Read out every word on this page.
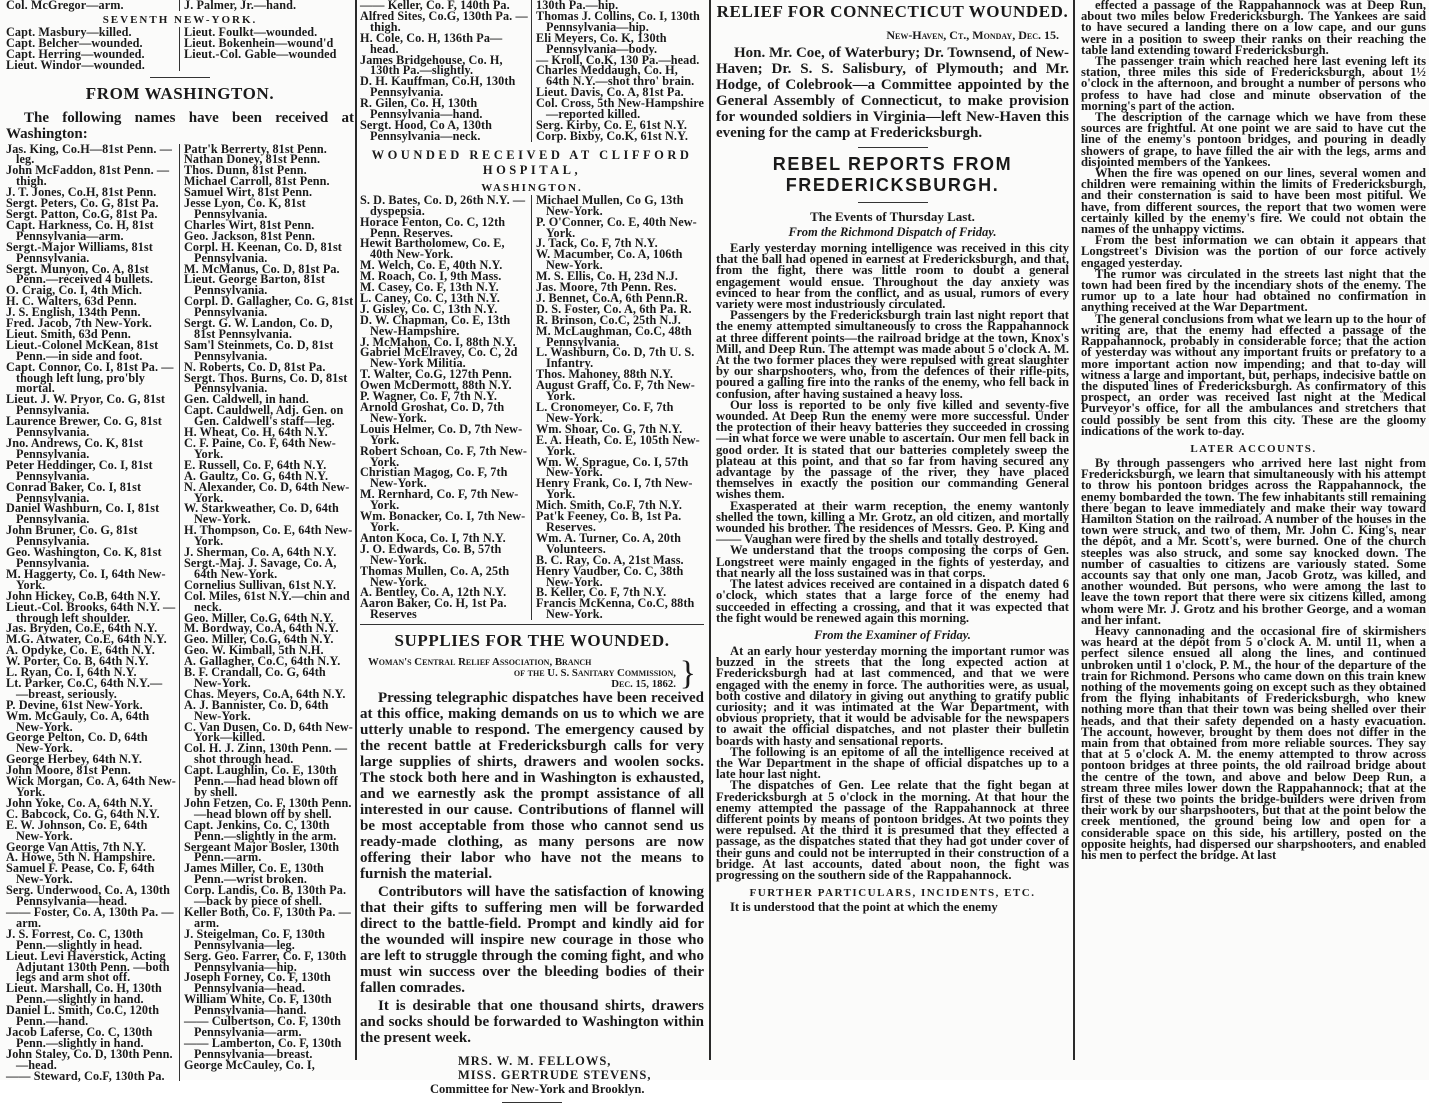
Col. McGregor—arm.	J. Palmer, Jr.—hand.
SEVENTH NEW-YORK.
Capt. Masbury—killed.
Capt. Belcher—wounded.
Capt. Herring—wounded.
Lieut. Windor—wounded.
Lieut. Foulkt—wounded.
Lieut. Bokenhein—wound'd
Lieut.-Col. Gable—wounded
FROM WASHINGTON.

The following names have been received at Washington:

Jas. King, Co.H—81st Penn. —leg.
John McFaddon, 81st Penn. —thigh.
J. T. Jones, Co.H, 81st Penn.
Sergt. Peters, Co. G, 81st Pa.
Sergt. Patton, Co.G, 81st Pa.
Capt. Harkness, Co. H, 81st Pennsylvania—arm.
Sergt.-Major Williams, 81st Pennsylvania.
Sergt. Munyon, Co. A, 81st Penn.—received 4 bullets.
O. Craig, Co. I, 4th Mich.
H. C. Walters, 63d Penn.
J. S. English, 134th Penn.
Fred. Jacob, 7th New-York.
Lieut. Smith, 63d Penn.
Lieut.-Colonel McKean, 81st Penn.—in side and foot.
Capt. Connor, Co. I, 81st Pa. —though left lung, pro'bly mortal.
Lieut. J. W. Pryor, Co. G, 81st Pennsylvania.
Laurence Brewer, Co. G, 81st Pennsylvania.
Jno. Andrews, Co. K, 81st Pennsylvania.
Peter Heddinger, Co. I, 81st Pennsylvania.
Conrad Baker, Co. I, 81st Pennsylvania.
Daniel Washburn, Co. I, 81st Pennsylvania.
John Bruner, Co. G, 81st Pennsylvania.
Geo. Washington, Co. K, 81st Pennsylvania.
M. Haggerty, Co. I, 64th New-York.
John Hickey, Co.B, 64th N.Y.
Lieut.-Col. Brooks, 64th N.Y. —through left shoulder.
Jas. Bryden, Co.E, 64th N.Y.
M.G. Atwater, Co.E, 64th N.Y.
A. Opdyke, Co. E, 64th N.Y.
W. Porter, Co. B, 64th N.Y.
L. Ryan, Co. I, 64th N.Y.
Lt. Parker, Co.C, 64th N.Y.— —breast, seriously.
P. Devine, 61st New-York.
Wm. McGauly, Co. A, 64th New-York.
George Pelton, Co. D, 64th New-York.
George Herbey, 64th N.Y.
John Moore, 81st Penn.
Wick Morgan, Co. A, 64th New-York.
John Yoke, Co. A, 64th N.Y.
C. Babcock, Co. G, 64th N.Y.
E. W. Johnson, Co. E, 64th New-York.
George Van Attis, 7th N.Y.
A. Howe, 5th N. Hampshire.
Samuel F. Pease, Co. F, 64th New-York.
Serg. Underwood, Co. A, 130th Pennsylvania—head.
—— Foster, Co. A, 130th Pa. —arm.
J. S. Forrest, Co. C, 130th Penn.—slightly in head.
Lieut. Levi Haverstick, Acting Adjutant 130th Penn. —both legs and arm shot off.
Lieut. Marshall, Co. H, 130th Penn.—slightly in hand.
Daniel L. Smith, Co.C, 120th Penn.—hand.
Jacob Laferse, Co. C, 130th Penn.—slightly in hand.
John Staley, Co. D, 130th Penn.—head.
—— Steward, Co.F, 130th Pa.
Patr'k Berrerty, 81st Penn.
Nathan Doney, 81st Penn.
Thos. Dunn, 81st Penn.
Michael Carroll, 81st Penn.
Samuel Wirt, 81st Penn.
Jesse Lyon, Co. K, 81st Pennsylvania.
Charles Wirt, 81st Penn.
Geo. Jackson, 81st Penn.
Corpl. H. Keenan, Co. D, 81st Pennsylvania.
M. McManus, Co. D, 81st Pa.
Lieut. George Barton, 81st Pennsylvania.
Corpl. D. Gallagher, Co. G, 81st Pennsylvania.
Sergt. G. W. Landon, Co. D, 81st Pennsylvania.
Sam'l Steinmets, Co. D, 81st Pennsylvania.
N. Roberts, Co. D, 81st Pa.
Sergt. Thos. Burns, Co. D, 81st Pennsylvania.
Gen. Caldwell, in hand.
Capt. Cauldwell, Adj. Gen. on Gen. Caldwell's staff—leg.
H. Wheat, Co. H, 64th N.Y.
C. F. Paine, Co. F, 64th New-York.
E. Russell, Co. F, 64th N.Y.
A. Gaultz, Co. G, 64th N.Y.
N. Alexander, Co. D, 64th New-York.
W. Starkweather, Co. D, 64th New-York.
H. Thompson, Co. E, 64th New-York.
J. Sherman, Co. A, 64th N.Y.
Sergt.-Maj. J. Savage, Co. A, 64th New-York.
Cornelius Sullivan, 61st N.Y.
Col. Miles, 61st N.Y.—chin and neck.
Geo. Miller, Co.G, 64th N.Y.
M. Bordway, Co.A, 64th N.Y.
Geo. Miller, Co.G, 64th N.Y.
Geo. W. Kimball, 5th N.H.
A. Gallagher, Co.C, 64th N.Y.
B. F. Crandall, Co. G, 64th New-York.
Chas. Meyers, Co.A, 64th N.Y.
A. J. Bannister, Co. D, 64th New-York.
C. Van Dusen, Co. D, 64th New-York—killed.
Col. H. J. Zinn, 130th Penn. —shot through head.
Capt. Laughlin, Co. E, 130th Penn.—had head blown off by shell.
John Fetzen, Co. F, 130th Penn.—head blown off by shell.
Capt. Jenkins, Co. C, 130th Penn.—slightly in the arm.
Sergeant Major Bosler, 130th Penn.—arm.
James Miller, Co. E, 130th Penn.—wrist broken.
Corp. Landis, Co. B, 130th Pa.—back by piece of shell.
Keller Both, Co. F, 130th Pa. —arm.
J. Steigelman, Co. F, 130th Pennsylvania—leg.
Serg. Geo. Farrer, Co. F, 130th Pennsylvania—hip.
Joseph Forney, Co. F, 130th Pennsylvania—head.
William White, Co. F, 130th Pennsylvania—hand.
—— Culbertson, Co. F, 130th Pennsylvania—arm.
—— Lamberton, Co. F, 130th Pennsylvania—breast.
George McCauley, Co. I,
—— Keller, Co. F, 140th Pa.
Alfred Sites, Co.G, 130th Pa. —thigh.
H. Cole, Co. H, 136th Pa— head.
James Bridgehouse, Co. H, 130th Pa.—slightly.
D. H. Kauffman, Co.H, 130th Pennsylvania.
R. Gilen, Co. H, 130th Pennsylvania—hand.
Sergt. Hood, Co A, 130th Pennsylvania—neck.
130th Pa.—hip.
Thomas J. Collins, Co. I, 130th Pennsylvania—hip.
Eli Meyers, Co. K, 130th Pennsylvania—body.
— Kroll, Co.K, 130 Pa.—head.
Charles Meddaugh, Co. H, 64th N.Y.—shot thro' brain.
Lieut. Davis, Co. A, 81st Pa.
Col. Cross, 5th New-Hampshire—reported killed.
Serg. Kirby, Co. E, 61st N.Y.
Corp. Bixby, Co.K, 61st N.Y.
WOUNDED RECEIVED AT CLIFFORD HOSPITAL,
WASHINGTON.
S. D. Bates, Co. D, 26th N.Y. —dyspepsia.
Horace Fenton, Co. C, 12th Penn. Reserves.
Hewit Bartholomew, Co. E, 40th New-York.
M. Welch, Co. E, 40th N.Y.
M. Roach, Co. I, 9th Mass.
M. Casey, Co. F, 13th N.Y.
L. Caney, Co. C, 13th N.Y.
J. Gisley, Co. C, 13th N.Y.
D. W. Chapman, Co. E, 13th New-Hampshire.
J. McMahon, Co. I, 88th N.Y.
Gabriel McElravey, Co. C, 2d New-York Militia.
T. Walter, Co.G, 127th Penn.
Owen McDermott, 88th N.Y.
P. Wagner, Co. F, 7th N.Y.
Arnold Groshat, Co. D, 7th New-York.
Louis Helmer, Co. D, 7th New-York.
Robert Schoan, Co. F, 7th New-York.
Christian Magog, Co. F, 7th New-York.
M. Rernhard, Co. F, 7th New-York.
Wm. Bonacker, Co. I, 7th New-York.
Anton Koca, Co. I, 7th N.Y.
J. O. Edwards, Co. B, 57th New-York.
Thomas Mullen, Co. A, 25th New-York.
A. Bentley, Co. A, 12th N.Y.
Aaron Baker, Co. H, 1st Pa. Reserves
Michael Mullen, Co G, 13th New-York.
P. O'Conner, Co. E, 40th New-York.
J. Tack, Co. F, 7th N.Y.
W. Macumber, Co. A, 106th New-York.
M. S. Ellis, Co. H, 23d N.J.
Jas. Moore, 7th Penn. Res.
J. Bennet, Co.A, 6th Penn.R.
D. S. Foster, Co. A, 6th Pa. R.
R. Brinson, Co.C, 25th N.J.
M. McLaughman, Co.C, 48th Pennsylvania.
L. Washburn, Co. D, 7th U. S. Infantry.
Thos. Mahoney, 88th N.Y.
August Graff, Co. F, 7th New-York.
L. Cronomeyer, Co. F, 7th New-York.
Wm. Shoar, Co. G, 7th N.Y.
E. A. Heath, Co. E, 105th New-York.
Wm. W. Sprague, Co. I, 57th New-York.
Henry Frank, Co. I, 7th New-York.
Mich. Smith, Co.F, 7th N.Y.
Pat'k Feeney, Co. B, 1st Pa. Reserves.
Wm. A. Turner, Co. A, 20th Volunteers.
B. C. Ray, Co. A, 21st Mass.
Henry Vaudber, Co. C, 38th New-York.
B. Keller, Co. F, 7th N.Y.
Francis McKenna, Co.C, 88th New-York.
SUPPLIES FOR THE WOUNDED.
Woman's Central Relief Association, Branch
of the U. S. Sanitary Commission,
Dec. 15, 1862. }

Pressing telegraphic dispatches have been received at this office, making demands on us to which we are utterly unable to respond. The emergency caused by the recent battle at Fredericksburgh calls for very large supplies of shirts, drawers and woolen socks. The stock both here and in Washington is exhausted, and we earnestly ask the prompt assistance of all interested in our cause. Contributions of flannel will be most acceptable from those who cannot send us ready-made clothing, as many persons are now offering their labor who have not the means to furnish the material.

Contributors will have the satisfaction of knowing that their gifts to suffering men will be forwarded direct to the battle-field. Prompt and kindly aid for the wounded will inspire new courage in those who are left to struggle through the coming fight, and who must win success over the bleeding bodies of their fallen comrades.

It is desirable that one thousand shirts, drawers and socks should be forwarded to Washington within the present week.

MRS. W. M. FELLOWS,
MISS. GERTRUDE STEVENS,
Committee for New-York and Brooklyn.
RELIEF FOR CONNECTICUT WOUNDED.
New-Haven, Ct., Monday, Dec. 15.

Hon. Mr. Coe, of Waterbury; Dr. Townsend, of New-Haven; Dr. S. S. Salisbury, of Plymouth; and Mr. Hodge, of Colebrook—a Committee appointed by the General Assembly of Connecticut, to make provision for wounded soldiers in Virginia—left New-Haven this evening for the camp at Fredericksburgh.

REBEL REPORTS FROM FREDERICKSBURGH.
The Events of Thursday Last.
From the Richmond Dispatch of Friday.

Early yesterday morning intelligence was received in this city that the ball had opened in earnest at Fredericksburgh, and that, from the fight, there was little room to doubt a general engagement would ensue. Throughout the day anxiety was evinced to hear from the conflict, and as usual, rumors of every variety were most industriously circulated.

Passengers by the Fredericksburgh train last night report that the enemy attempted simultaneously to cross the Rappahannock at three different points—the railroad bridge at the town, Knox's Mill, and Deep Run. The attempt was made about 5 o'clock A. M. At the two former places they were repulsed with great slaughter by our sharpshooters, who, from the defences of their rifle-pits, poured a galling fire into the ranks of the enemy, who fell back in confusion, after having sustained a heavy loss.

Our loss is reported to be only five killed and seventy-five wounded. At Deep Run the enemy were more successful. Under the protection of their heavy batteries they succeeded in crossing—in what force we were unable to ascertain. Our men fell back in good order. It is stated that our batteries completely sweep the plateau at this point, and that so far from having secured any advantage by the passage of the river, they have placed themselves in exactly the position our commanding General wishes them.

Exasperated at their warm reception, the enemy wantonly shelled the town, killing a Mr. Grotz, an old citizen, and mortally wounded his brother. The residences of Messrs. Geo. P. King and —— Vaughan were fired by the shells and totally destroyed.

We understand that the troops composing the corps of Gen. Longstreet were mainly engaged in the fights of yesterday, and that nearly all the loss sustained was in that corps.

The latest advices received are contained in a dispatch dated 6 o'clock, which states that a large force of the enemy had succeeded in effecting a crossing, and that it was expected that the fight would be renewed again this morning.

From the Examiner of Friday.

At an early hour yesterday morning the important rumor was buzzed in the streets that the long expected action at Fredericksburgh had at last commenced, and that we were engaged with the enemy in force. The authorities were, as usual, both costive and dilatory in giving out anything to gratify public curiosity; and it was intimated at the War Department, with obvious propriety, that it would be advisable for the newspapers to await the official dispatches, and not plaster their bulletin boards with hasty and sensational reports.

The following is an epitome of all the intelligence received at the War Department in the shape of official dispatches up to a late hour last night.

The dispatches of Gen. Lee relate that the fight began at Fredericksburgh at 5 o'clock in the morning. At that hour the enemy attempted the passage of the Rappahannock at three different points by means of pontoon bridges. At two points they were repulsed. At the third it is presumed that they effected a passage, as the dispatches stated that they had got under cover of their guns and could not be interrupted in their construction of a bridge. At last accounts, dated about noon, the fight was progressing on the southern side of the Rappahannock.

FURTHER PARTICULARS, INCIDENTS, ETC.

It is understood that the point at which the enemy

effected a passage of the Rappahannock was at Deep Run, about two miles below Fredericksburgh. The Yankees are said to have secured a landing there on a low cape, and our guns were in a position to sweep their ranks on their reaching the table land extending toward Fredericksburgh.

The passenger train which reached here last evening left its station, three miles this side of Fredericksburgh, about 1½ o'clock in the afternoon, and brought a number of persons who profess to have had close and minute observation of the morning's part of the action.

The description of the carnage which we have from these sources are frightful. At one point we are said to have cut the line of the enemy's pontoon bridges, and pouring in deadly showers of grape, to have filled the air with the legs, arms and disjointed members of the Yankees.

When the fire was opened on our lines, several women and children were remaining within the limits of Fredericksburgh, and their consternation is said to have been most pitiful. We have, from different sources, the report that two women were certainly killed by the enemy's fire. We could not obtain the names of the unhappy victims.

From the best information we can obtain it appears that Longstreet's Division was the portion of our force actively engaged yesterday.

The rumor was circulated in the streets last night that the town had been fired by the incendiary shots of the enemy. The rumor up to a late hour had obtained no confirmation in anything received at the War Department.

The general conclusions from what we learn up to the hour of writing are, that the enemy had effected a passage of the Rappahannock, probably in considerable force; that the action of yesterday was without any important fruits or prefatory to a more important action now impending; and that to-day will witness a large and important, but, perhaps, indecisive battle on the disputed lines of Fredericksburgh. As confirmatory of this prospect, an order was received last night at the Medical Purveyor's office, for all the ambulances and stretchers that could possibly be sent from this city. These are the gloomy indications of the work to-day.

LATER ACCOUNTS.

By through passengers who arrived here last night from Fredericksburgh, we learn that simultaneously with his attempt to throw his pontoon bridges across the Rappahannock, the enemy bombarded the town. The few inhabitants still remaining there began to leave immediately and make their way toward Hamilton Station on the railroad. A number of the houses in the town were struck, and two of them, Mr. John C. King's, near the dépôt, and a Mr. Scott's, were burned. One of the church steeples was also struck, and some say knocked down. The number of casualties to citizens are variously stated. Some accounts say that only one man, Jacob Grotz, was killed, and another wounded. But persons, who were among the last to leave the town report that there were six citizens killed, among whom were Mr. J. Grotz and his brother George, and a woman and her infant.

Heavy cannonading and the occasional fire of skirmishers was heard at the dépôt from 5 o'clock A. M. until 11, when a perfect silence ensued all along the lines, and continued unbroken until 1 o'clock, P. M., the hour of the departure of the train for Richmond. Persons who came down on this train knew nothing of the movements going on except such as they obtained from the flying inhabitants of Fredericksburgh, who knew nothing more than that their town was being shelled over their heads, and that their safety depended on a hasty evacuation. The account, however, brought by them does not differ in the main from that obtained from more reliable sources. They say that at 5 o'clock A. M. the enemy attempted to throw across pontoon bridges at three points, the old railroad bridge about the centre of the town, and above and below Deep Run, a stream three miles lower down the Rappahannock; that at the first of these two points the bridge-builders were driven from their work by our sharpshooters, but that at the point below the creek mentioned, the ground being low and open for a considerable space on this side, his artillery, posted on the opposite heights, had dispersed our sharpshooters, and enabled his men to perfect the bridge. At last
